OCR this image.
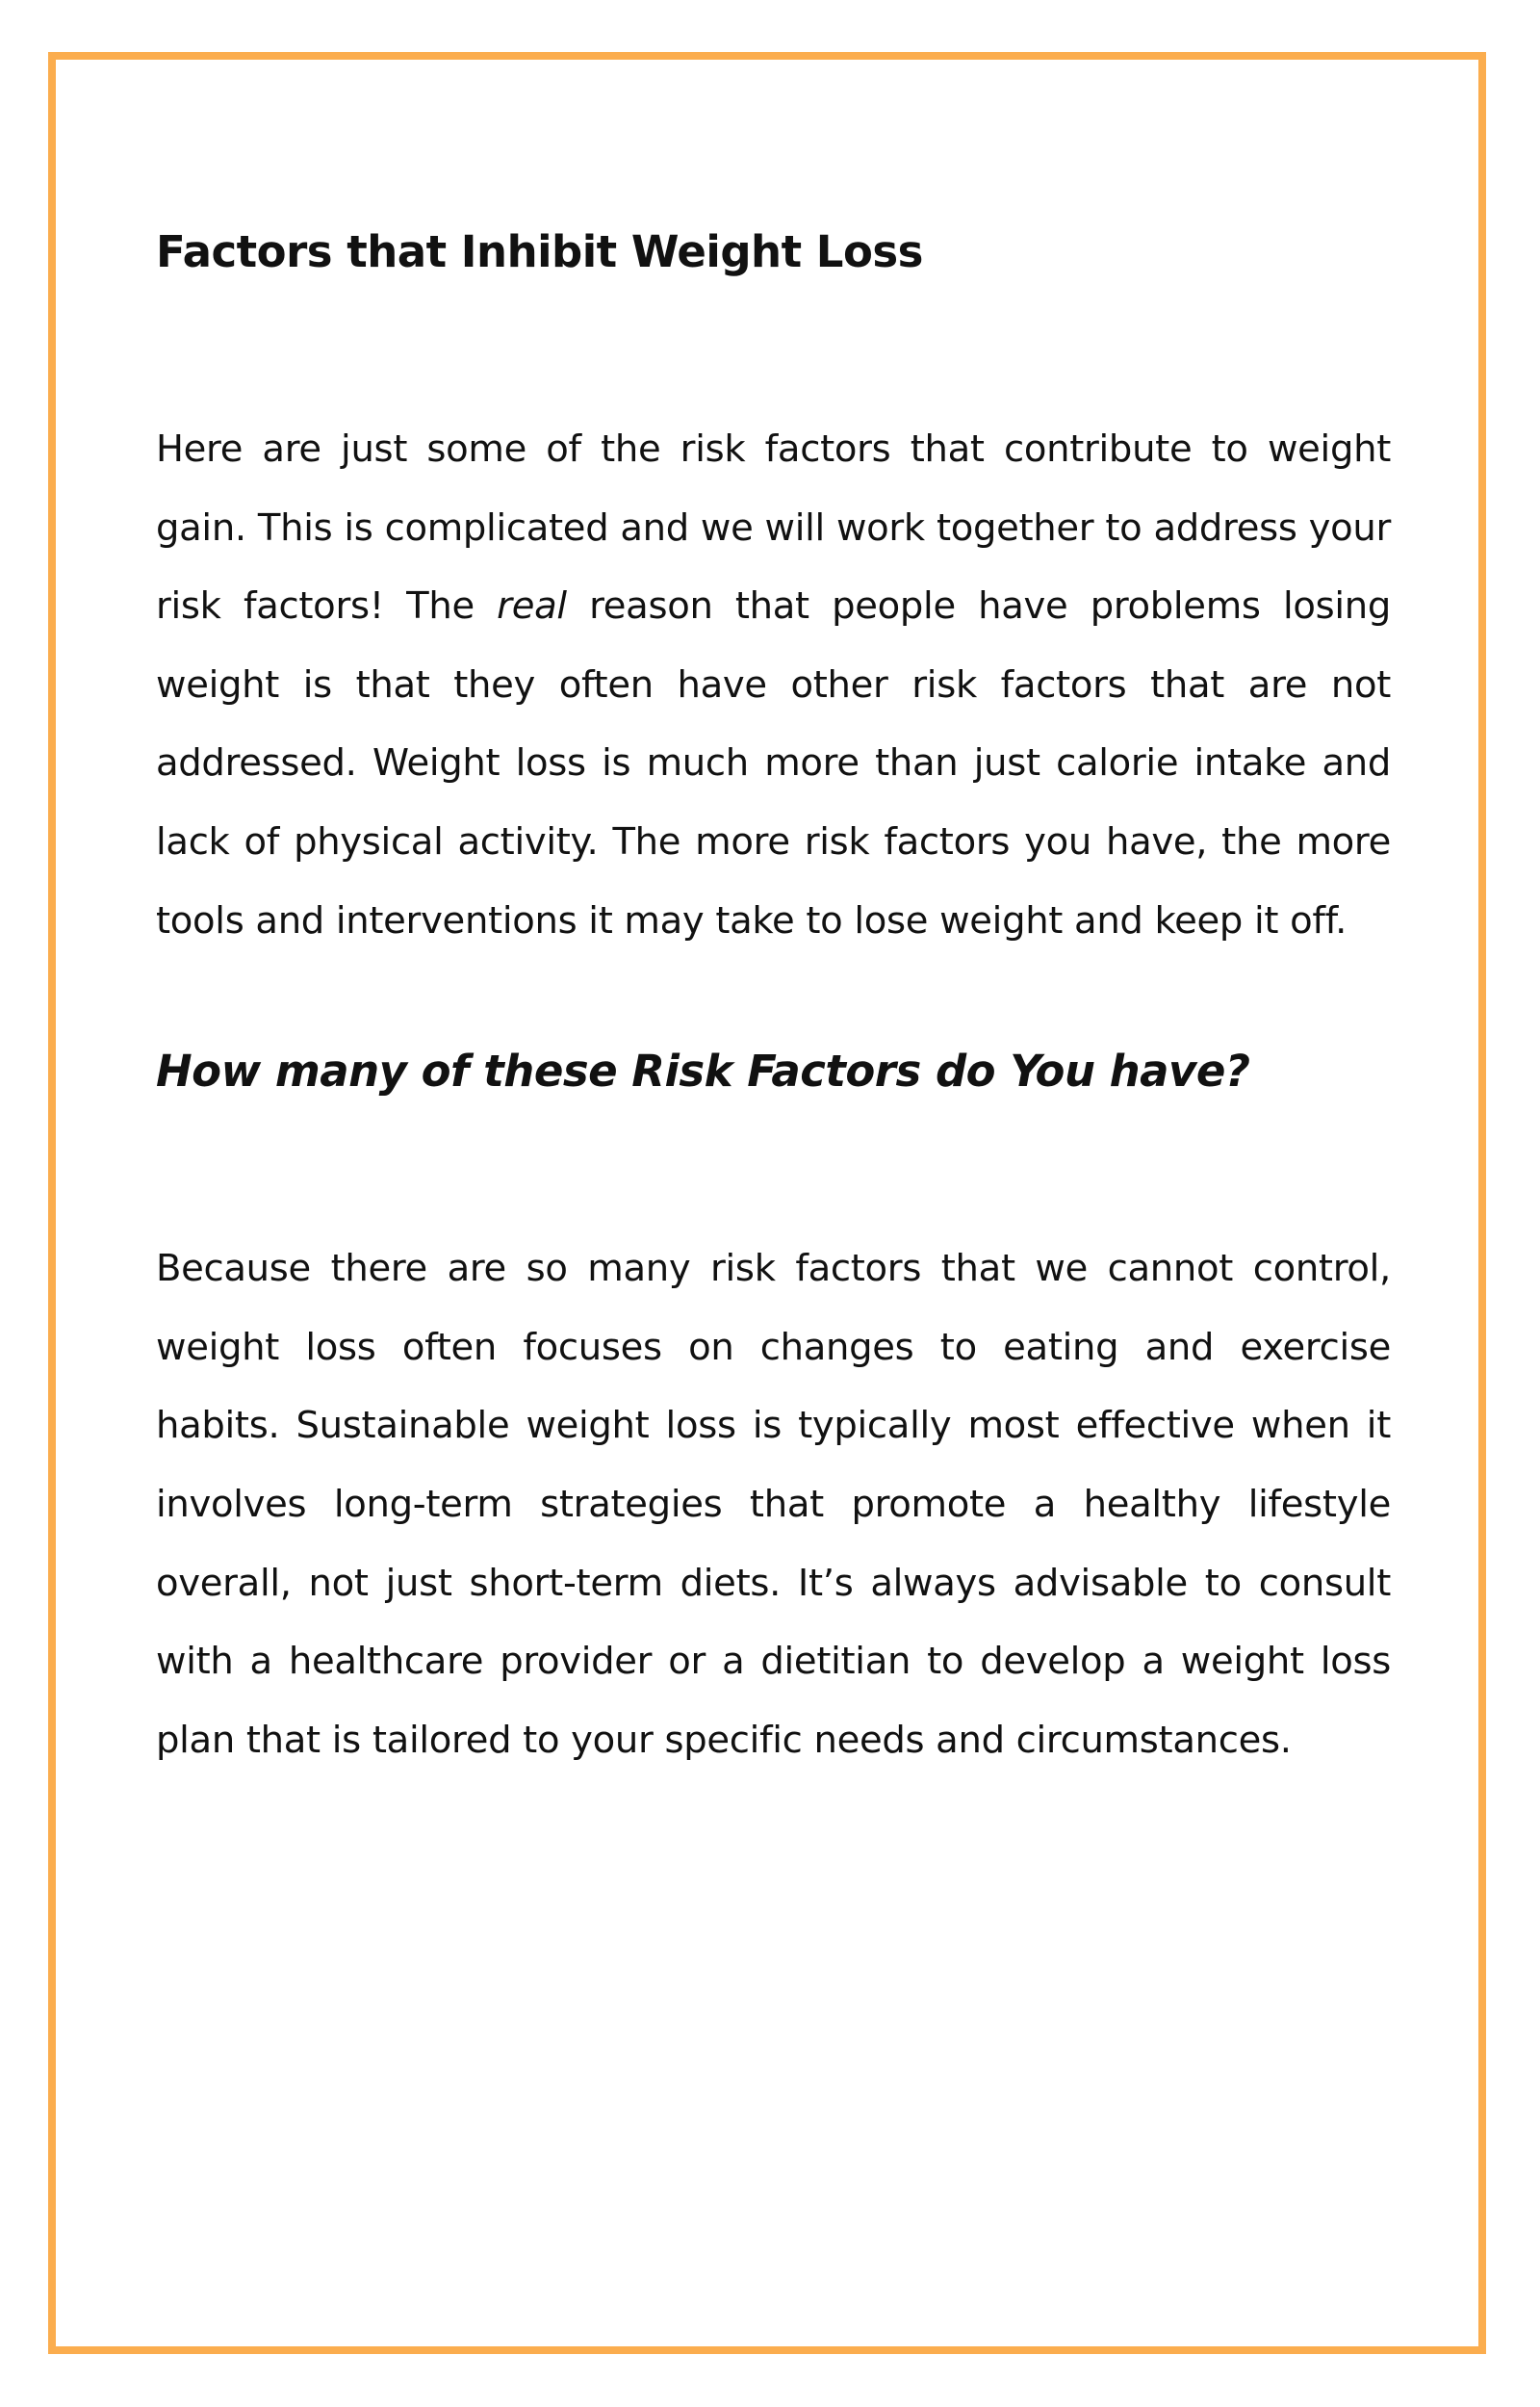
Factors that Inhibit Weight Loss

Here are just some of the risk factors that contribute to weight gain. This is complicated and we will work together to address your risk factors! The real reason that people have problems losing weight is that they often have other risk factors that are not addressed. Weight loss is much more than just calorie intake and lack of physical activity. The more risk factors you have, the more tools and interventions it may take to lose weight and keep it off.

How many of these Risk Factors do You have?

Because there are so many risk factors that we cannot control, weight loss often focuses on changes to eating and exercise habits. Sustainable weight loss is typically most effective when it involves long-term strategies that promote a healthy lifestyle overall, not just short-term diets. It’s always advisable to consult with a healthcare provider or a dietitian to develop a weight loss plan that is tailored to your specific needs and circumstances.
